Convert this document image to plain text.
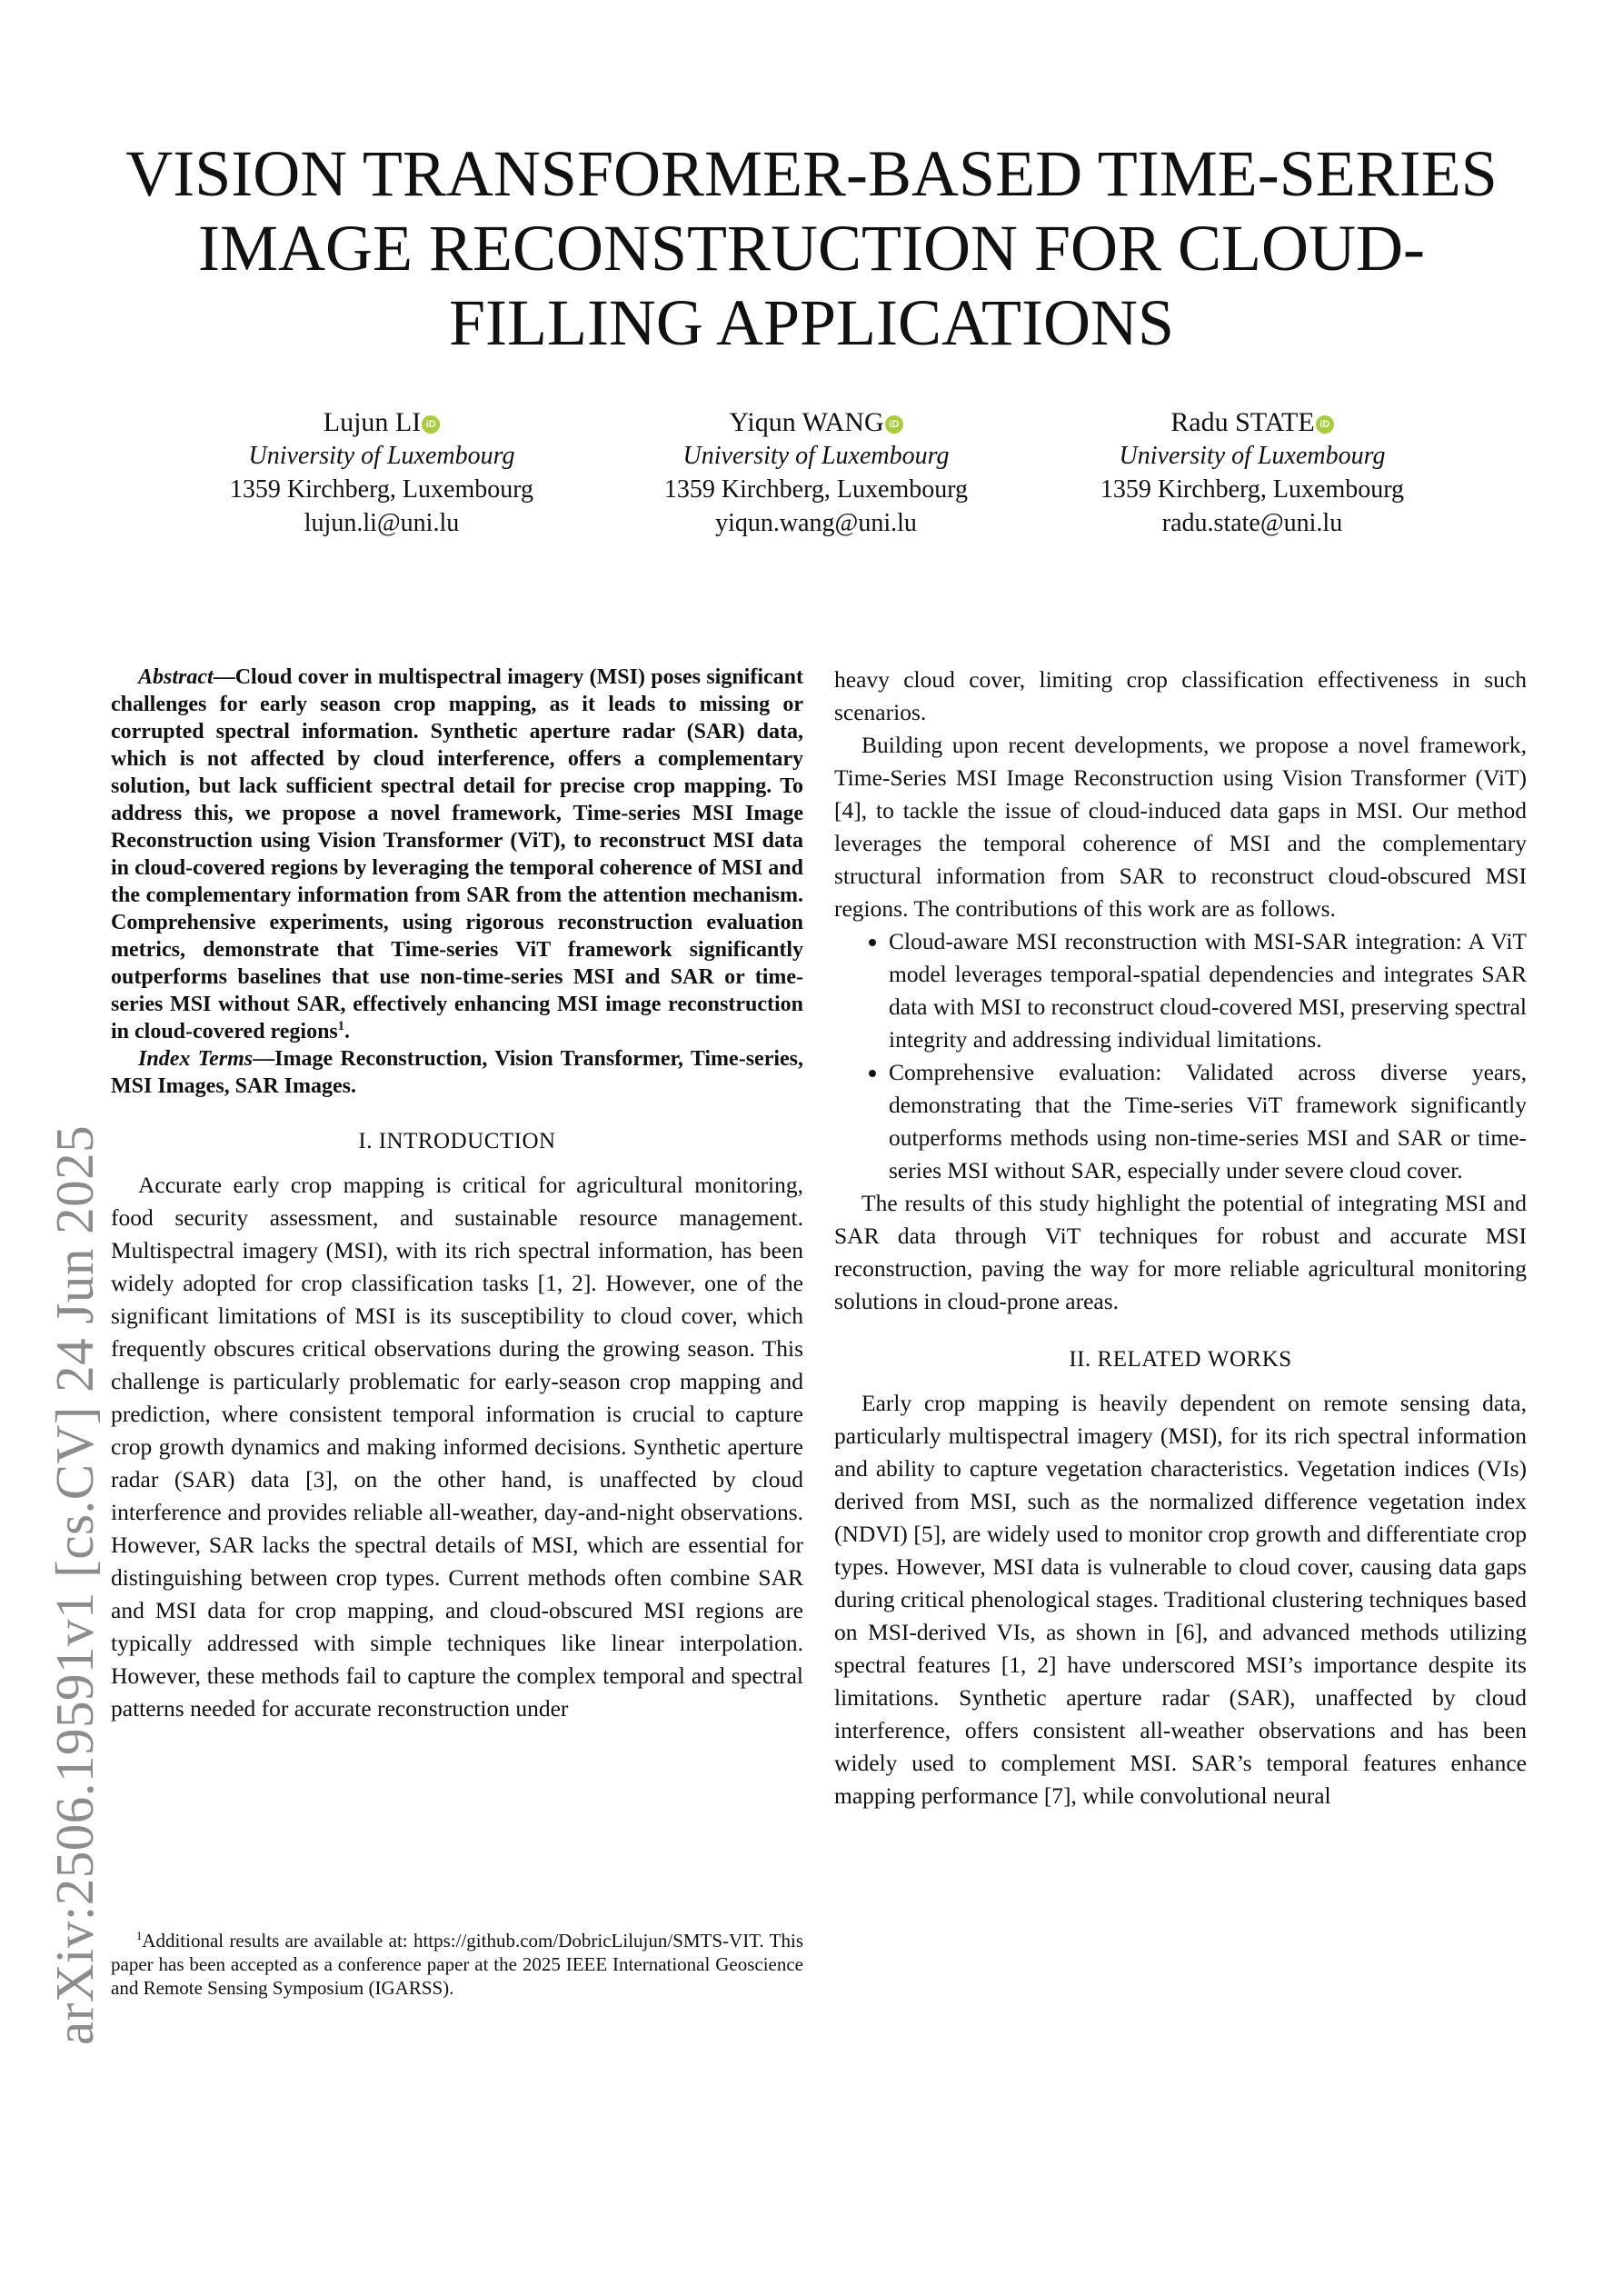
arXiv:2506.19591v1 [cs.CV] 24 Jun 2025
VISION TRANSFORMER-BASED TIME-SERIES IMAGE RECONSTRUCTION FOR CLOUD-FILLING APPLICATIONS
Lujun LI iD
University of Luxembourg
1359 Kirchberg, Luxembourg
lujun.li@uni.lu
Yiqun WANG iD
University of Luxembourg
1359 Kirchberg, Luxembourg
yiqun.wang@uni.lu
Radu STATE iD
University of Luxembourg
1359 Kirchberg, Luxembourg
radu.state@uni.lu

Abstract—Cloud cover in multispectral imagery (MSI) poses significant challenges for early season crop mapping, as it leads to missing or corrupted spectral information. Synthetic aperture radar (SAR) data, which is not affected by cloud interference, offers a complementary solution, but lack sufficient spectral detail for precise crop mapping. To address this, we propose a novel framework, Time-series MSI Image Reconstruction using Vision Transformer (ViT), to reconstruct MSI data in cloud-covered regions by leveraging the temporal coherence of MSI and the complementary information from SAR from the attention mechanism. Comprehensive experiments, using rigorous reconstruction evaluation metrics, demonstrate that Time-series ViT framework significantly outperforms baselines that use non-time-series MSI and SAR or time-series MSI without SAR, effectively enhancing MSI image reconstruction in cloud-covered regions$^1$.

Index Terms—Image Reconstruction, Vision Transformer, Time-series, MSI Images, SAR Images.

I. INTRODUCTION

Accurate early crop mapping is critical for agricultural monitoring, food security assessment, and sustainable resource management. Multispectral imagery (MSI), with its rich spectral information, has been widely adopted for crop classification tasks [1, 2]. However, one of the significant limitations of MSI is its susceptibility to cloud cover, which frequently obscures critical observations during the growing season. This challenge is particularly problematic for early-season crop mapping and prediction, where consistent temporal information is crucial to capture crop growth dynamics and making informed decisions. Synthetic aperture radar (SAR) data [3], on the other hand, is unaffected by cloud interference and provides reliable all-weather, day-and-night observations. However, SAR lacks the spectral details of MSI, which are essential for distinguishing between crop types. Current methods often combine SAR and MSI data for crop mapping, and cloud-obscured MSI regions are typically addressed with simple techniques like linear interpolation. However, these methods fail to capture the complex temporal and spectral patterns needed for accurate reconstruction under

$^1$Additional results are available at: https://github.com/DobricLilujun/SMTS-VIT. This paper has been accepted as a conference paper at the 2025 IEEE International Geoscience and Remote Sensing Symposium (IGARSS).

heavy cloud cover, limiting crop classification effectiveness in such scenarios.

Building upon recent developments, we propose a novel framework, Time-Series MSI Image Reconstruction using Vision Transformer (ViT) [4], to tackle the issue of cloud-induced data gaps in MSI. Our method leverages the temporal coherence of MSI and the complementary structural information from SAR to reconstruct cloud-obscured MSI regions. The contributions of this work are as follows.

• Cloud-aware MSI reconstruction with MSI-SAR integration: A ViT model leverages temporal-spatial dependencies and integrates SAR data with MSI to reconstruct cloud-covered MSI, preserving spectral integrity and addressing individual limitations.
• Comprehensive evaluation: Validated across diverse years, demonstrating that the Time-series ViT framework significantly outperforms methods using non-time-series MSI and SAR or time-series MSI without SAR, especially under severe cloud cover.

The results of this study highlight the potential of integrating MSI and SAR data through ViT techniques for robust and accurate MSI reconstruction, paving the way for more reliable agricultural monitoring solutions in cloud-prone areas.

II. RELATED WORKS

Early crop mapping is heavily dependent on remote sensing data, particularly multispectral imagery (MSI), for its rich spectral information and ability to capture vegetation characteristics. Vegetation indices (VIs) derived from MSI, such as the normalized difference vegetation index (NDVI) [5], are widely used to monitor crop growth and differentiate crop types. However, MSI data is vulnerable to cloud cover, causing data gaps during critical phenological stages. Traditional clustering techniques based on MSI-derived VIs, as shown in [6], and advanced methods utilizing spectral features [1, 2] have underscored MSI’s importance despite its limitations. Synthetic aperture radar (SAR), unaffected by cloud interference, offers consistent all-weather observations and has been widely used to complement MSI. SAR’s temporal features enhance mapping performance [7], while convolutional neural
